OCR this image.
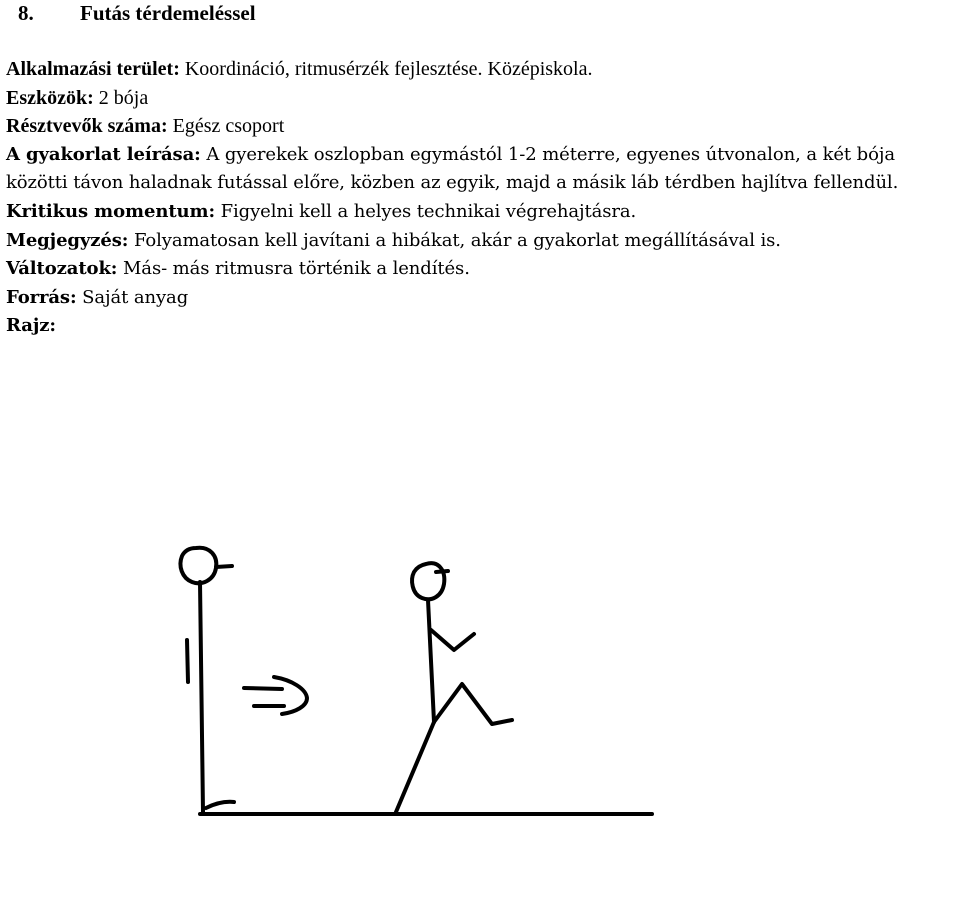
8. Futás térdemeléssel

Alkalmazási terület: Koordináció, ritmusérzék fejlesztése. Középiskola.

Eszközök: 2 bója

Résztvevők száma: Egész csoport

A gyakorlat leírása: A gyerekek oszlopban egymástól 1-2 méterre, egyenes útvonalon, a két bója közötti távon haladnak futással előre, közben az egyik, majd a másik láb térdben hajlítva fellendül.

Kritikus momentum: Figyelni kell a helyes technikai végrehajtásra.

Megjegyzés: Folyamatosan kell javítani a hibákat, akár a gyakorlat megállításával is.

Változatok: Más- más ritmusra történik a lendítés.

Forrás: Saját anyag

Rajz:
